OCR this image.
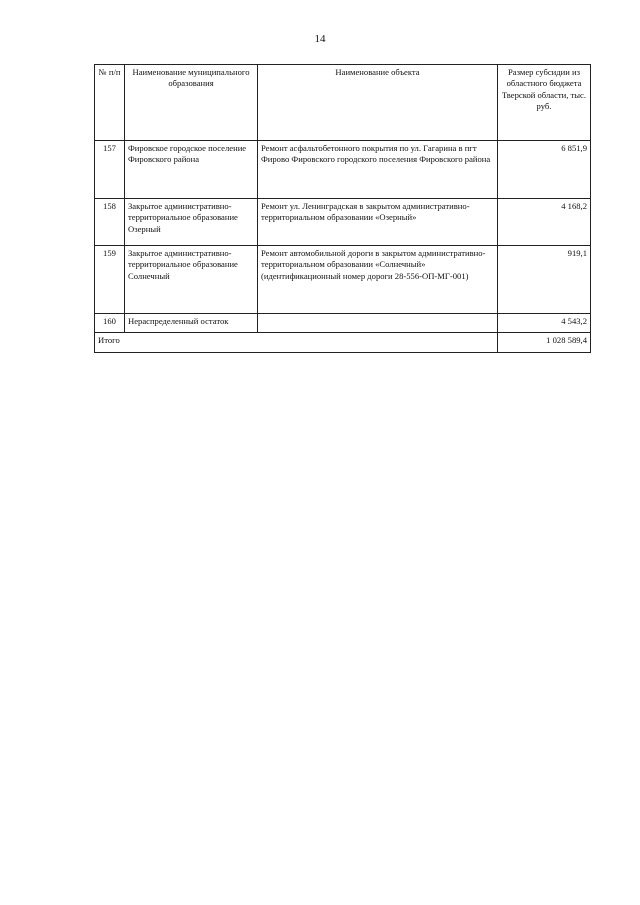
14
№ п/п	Наименование муниципального образования	Наименование объекта	Размер субсидии из областного бюджета Тверской области, тыс. руб.
157	Фировское городское поселение Фировского района	Ремонт асфальтобетонного покрытия по ул. Гагарина в пгт Фирово Фировского городского поселения Фировского района	6 851,9
158	Закрытое административно-территориальное образование Озерный	Ремонт ул. Ленинградская в закрытом административно-территориальном образовании «Озерный»	4 168,2
159	Закрытое административно-территориальное образование Солнечный	Ремонт автомобильной дороги в закрытом административно-территориальном образовании «Солнечный» (идентификационный номер дороги 28-556-ОП-МГ-001)	919,1
160	Нераспределенный остаток		4 543,2
Итого			1 028 589,4
